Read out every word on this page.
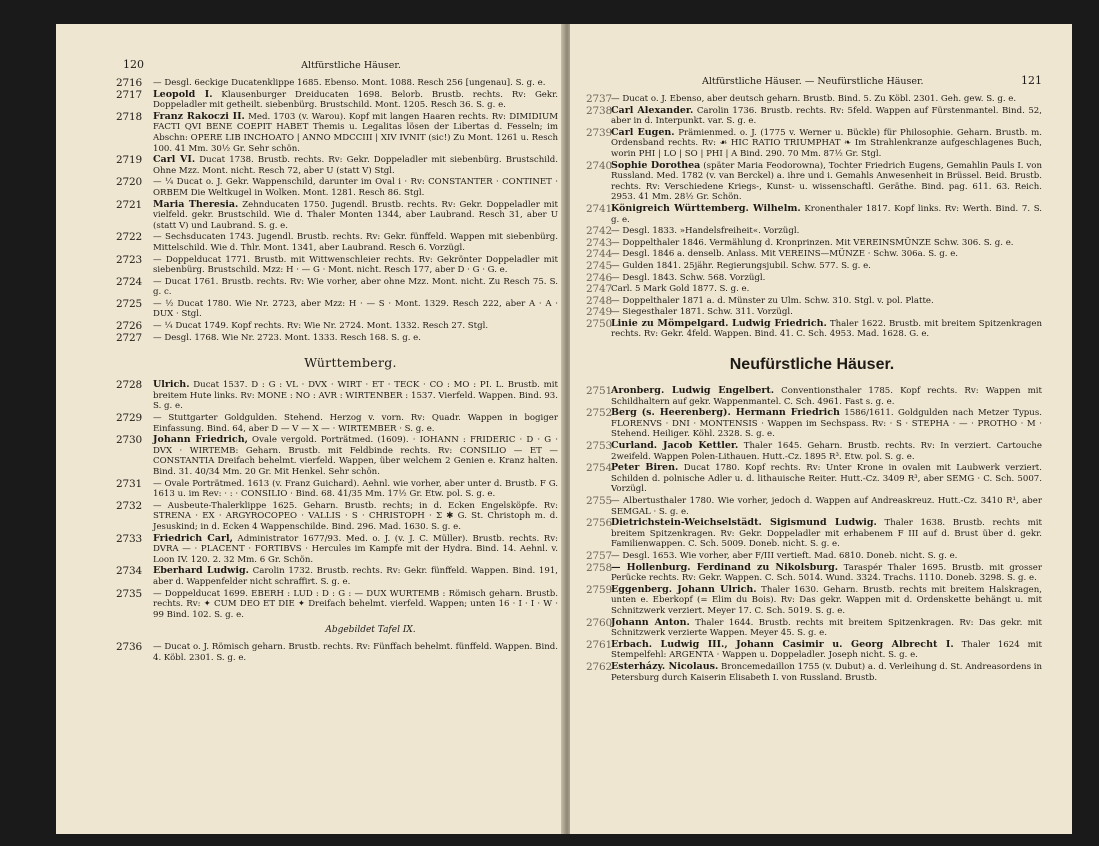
120	Altfürstliche Häuser.
2716 — Desgl. 6eckige Ducatenklippe 1685. Ebenso. Mont. 1088. Resch 256 [ungenau]. S. g. e.
2717 Leopold I. Klausenburger Dreiducaten 1698. Belorb. Brustb. rechts. Rv: Gekr. Doppeladler mit getheilt. siebenbürg. Brustschild. Mont. 1205. Resch 36. S. g. e.
2718 Franz Rakoczi II. Med. 1703 (v. Warou). Kopf mit langen Haaren rechts. Rv: DIMIDIUM FACTI QVI BENE COEPIT HABET Themis u. Legalitas lösen der Libertas d. Fesseln; im Abschn: OPERE LIB INCHOATO | ANNO MDCCIII | XIV IVNIT (sic!) Zu Mont. 1261 u. Resch 100. 41 Mm. 30½ Gr. Sehr schön.
2719 Carl VI. Ducat 1738. Brustb. rechts. Rv: Gekr. Doppeladler mit siebenbürg. Brustschild. Ohne Mzz. Mont. nicht. Resch 72, aber U (statt V) Stgl.
2720 — ¼ Ducat o. J. Gekr. Wappenschild, darunter im Oval i · Rv: CONSTANTER · CONTINET · ORBEM Die Weltkugel in Wolken. Mont. 1281. Resch 86. Stgl.
2721 Maria Theresia. Zehnducaten 1750. Jugendl. Brustb. rechts. Rv: Gekr. Doppeladler mit vielfeld. gekr. Brustschild. Wie d. Thaler Monten 1344, aber Laubrand. Resch 31, aber U (statt V) und Laubrand. S. g. e.
2722 — Sechsducaten 1743. Jugendl. Brustb. rechts. Rv: Gekr. fünffeld. Wappen mit siebenbürg. Mittelschild. Wie d. Thlr. Mont. 1341, aber Laubrand. Resch 6. Vorzügl.
2723 — Doppelducat 1771. Brustb. mit Wittwenschleier rechts. Rv: Gekrönter Doppeladler mit siebenbürg. Brustschild. Mzz: H · — G · Mont. nicht. Resch 177, aber D · G · G. e.
2724 — Ducat 1761. Brustb. rechts. Rv: Wie vorher, aber ohne Mzz. Mont. nicht. Zu Resch 75. S. g. c.
2725 — ½ Ducat 1780. Wie Nr. 2723, aber Mzz: H · — S · Mont. 1329. Resch 222, aber A · A · DUX · Stgl.
2726 — ¼ Ducat 1749. Kopf rechts. Rv: Wie Nr. 2724. Mont. 1332. Resch 27. Stgl.
2727 — Desgl. 1768. Wie Nr. 2723. Mont. 1333. Resch 168. S. g. e.
Württemberg.
2728 Ulrich. Ducat 1537. D : G : VL · DVX · WIRT · ET · TECK · CO : MO : PI. L. Brustb. mit breitem Hute links. Rv: MONE : NO : AVR : WIRTENBER : 1537. Vierfeld. Wappen. Bind. 93. S. g. e.
2729 — Stuttgarter Goldgulden. Stehend. Herzog v. vorn. Rv: Quadr. Wappen in bogiger Einfassung. Bind. 64, aber D — V — X — · WIRTEMBER · S. g. e.
2730 Johann Friedrich, Ovale vergold. Porträtmed. (1609). · IOHANN : FRIDERIC · D · G · DVX · WIRTEMB: Geharn. Brustb. mit Feldbinde rechts. Rv: CONSILIO — ET — CONSTANTIA Dreifach behelmt. vierfeld. Wappen, über welchem 2 Genien e. Kranz halten. Bind. 31. 40/34 Mm. 20 Gr. Mit Henkel. Sehr schön.
2731 — Ovale Porträtmed. 1613 (v. Franz Guichard). Aehnl. wie vorher, aber unter d. Brustb. F G. 1613 u. im Rev: · : · CONSILIO · Bind. 68. 41/35 Mm. 17½ Gr. Etw. pol. S. g. e.
2732 — Ausbeute-Thalerklippe 1625. Geharn. Brustb. rechts; in d. Ecken Engelsköpfe. Rv: STRENA · EX · ARGYROCOPEO · VALLIS · S · CHRISTOPH · Σ ✱ G. St. Christoph m. d. Jesuskind; in d. Ecken 4 Wappenschilde. Bind. 296. Mad. 1630. S. g. e.
2733 Friedrich Carl, Administrator 1677/93. Med. o. J. (v. J. C. Müller). Brustb. rechts. Rv: DVRA — · PLACENT · FORTIBVS · Hercules im Kampfe mit der Hydra. Bind. 14. Aehnl. v. Loon IV. 120. 2. 32 Mm. 6 Gr. Schön.
2734 Eberhard Ludwig. Carolin 1732. Brustb. rechts. Rv: Gekr. fünffeld. Wappen. Bind. 191, aber d. Wappenfelder nicht schraffirt. S. g. e.
2735 — Doppelducat 1699. EBERH : LUD : D : G : — DUX WURTEMB : Römisch geharn. Brustb. rechts. Rv: ✦ CUM DEO ET DIE ✦ Dreifach behelmt. vierfeld. Wappen; unten 16 · I · I · W · 99 Bind. 102. S. g. e.
Abgebildet Tafel IX.
2736 — Ducat o. J. Römisch geharn. Brustb. rechts. Rv: Fünffach behelmt. fünffeld. Wappen. Bind. 4. Köbl. 2301. S. g. e.
Altfürstliche Häuser. — Neufürstliche Häuser.	121
2737 — Ducat o. J. Ebenso, aber deutsch geharn. Brustb. Bind. 5. Zu Köbl. 2301. Geh. gew. S. g. e.
2738 Carl Alexander. Carolin 1736. Brustb. rechts. Rv: 5feld. Wappen auf Fürstenmantel. Bind. 52, aber in d. Interpunkt. var. S. g. e.
2739 Carl Eugen. Prämienmed. o. J. (1775 v. Werner u. Bückle) für Philosophie. Geharn. Brustb. m. Ordensband rechts. Rv: ☙ HIC RATIO TRIUMPHAT ❧ Im Strahlenkranze aufgeschlagenes Buch, worin PHI | LO | SO | PHI | A Bind. 290. 70 Mm. 87½ Gr. Stgl.
2740 Sophie Dorothea (später Maria Feodorowna), Tochter Friedrich Eugens, Gemahlin Pauls I. von Russland. Med. 1782 (v. van Berckel) a. ihre und i. Gemahls Anwesenheit in Brüssel. Beid. Brustb. rechts. Rv: Verschiedene Kriegs-, Kunst- u. wissenschaftl. Geräthe. Bind. pag. 611. 63. Reich. 2953. 41 Mm. 28½ Gr. Schön.
2741 Königreich Württemberg. Wilhelm. Kronenthaler 1817. Kopf links. Rv: Werth. Bind. 7. S. g. e.
2742 — Desgl. 1833. »Handelsfreiheit«. Vorzügl.
2743 — Doppelthaler 1846. Vermählung d. Kronprinzen. Mit VEREINSMÜNZE Schw. 306. S. g. e.
2744 — Desgl. 1846 a. denselb. Anlass. Mit VEREINS—MÜNZE · Schw. 306a. S. g. e.
2745 — Gulden 1841. 25jähr. Regierungsjubil. Schw. 577. S. g. e.
2746 — Desgl. 1843. Schw. 568. Vorzügl.
2747 Carl. 5 Mark Gold 1877. S. g. e.
2748 — Doppelthaler 1871 a. d. Münster zu Ulm. Schw. 310. Stgl. v. pol. Platte.
2749 — Siegesthaler 1871. Schw. 311. Vorzügl.
2750 Linie zu Mömpelgard. Ludwig Friedrich. Thaler 1622. Brustb. mit breitem Spitzenkragen rechts. Rv: Gekr. 4feld. Wappen. Bind. 41. C. Sch. 4953. Mad. 1628. G. e.
Neufürstliche Häuser.
2751 Aronberg. Ludwig Engelbert. Conventionsthaler 1785. Kopf rechts. Rv: Wappen mit Schildhaltern auf gekr. Wappenmantel. C. Sch. 4961. Fast s. g. e.
2752 Berg (s. Heerenberg). Hermann Friedrich 1586/1611. Goldgulden nach Metzer Typus. FLORENVS · DNI · MONTENSIS · Wappen im Sechspass. Rv: · S · STEPHA · — · PROTHO · M · Stehend. Heiliger. Köhl. 2328. S. g. e.
2753 Curland. Jacob Kettler. Thaler 1645. Geharn. Brustb. rechts. Rv: In verziert. Cartouche 2weifeld. Wappen Polen-Lithauen. Hutt.-Cz. 1895 R³. Etw. pol. S. g. e.
2754 Peter Biren. Ducat 1780. Kopf rechts. Rv: Unter Krone in ovalen mit Laubwerk verziert. Schilden d. polnische Adler u. d. lithauische Reiter. Hutt.-Cz. 3409 R³, aber SEMG · C. Sch. 5007. Vorzügl.
2755 — Albertusthaler 1780. Wie vorher, jedoch d. Wappen auf Andreaskreuz. Hutt.-Cz. 3410 R¹, aber SEMGAL · S. g. e.
2756 Dietrichstein-Weichselstädt. Sigismund Ludwig. Thaler 1638. Brustb. rechts mit breitem Spitzenkragen. Rv: Gekr. Doppeladler mit erhabenem F III auf d. Brust über d. gekr. Familienwappen. C. Sch. 5009. Doneb. nicht. S. g. e.
2757 — Desgl. 1653. Wie vorher, aber F/III vertieft. Mad. 6810. Doneb. nicht. S. g. e.
2758 — Hollenburg. Ferdinand zu Nikolsburg. Taraspér Thaler 1695. Brustb. mit grosser Perücke rechts. Rv: Gekr. Wappen. C. Sch. 5014. Wund. 3324. Trachs. 1110. Doneb. 3298. S. g. e.
2759 Eggenberg. Johann Ulrich. Thaler 1630. Geharn. Brustb. rechts mit breitem Halskragen, unten e. Eberkopf (= Elim du Bois). Rv: Das gekr. Wappen mit d. Ordenskette behängt u. mit Schnitzwerk verziert. Meyer 17. C. Sch. 5019. S. g. e.
2760 Johann Anton. Thaler 1644. Brustb. rechts mit breitem Spitzenkragen. Rv: Das gekr. mit Schnitzwerk verzierte Wappen. Meyer 45. S. g. e.
2761 Erbach. Ludwig III., Johann Casimir u. Georg Albrecht I. Thaler 1624 mit Stempelfehl: ARGENTA · Wappen u. Doppeladler. Joseph nicht. S. g. e.
2762 Esterházy. Nicolaus. Broncemedaillon 1755 (v. Dubut) a. d. Verleihung d. St. Andreasordens in Petersburg durch Kaiserin Elisabeth I. von Russland. Brustb.
